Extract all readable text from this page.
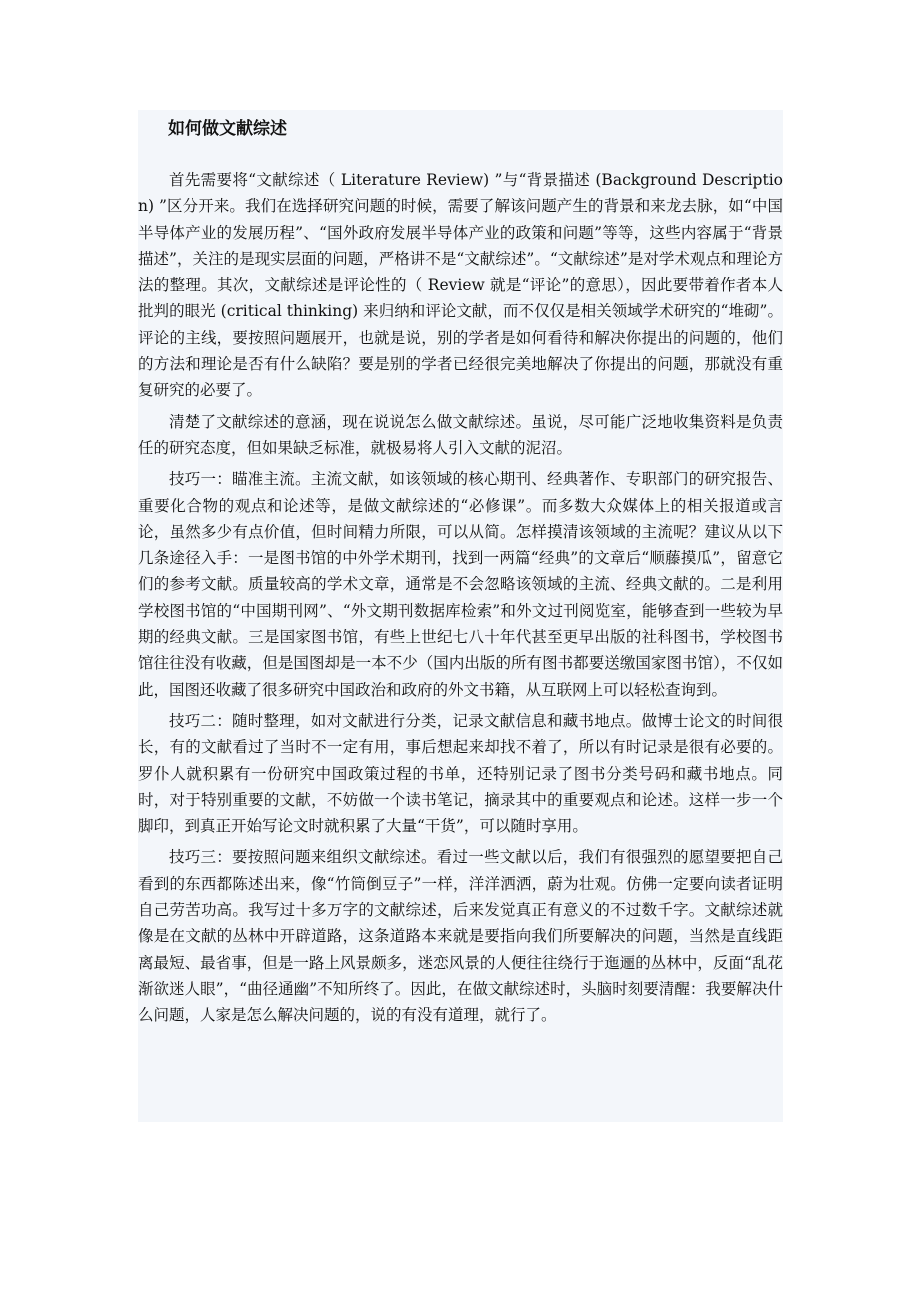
如何做文献综述

首先需要将“文献综述（ Literature Review) ”与“背景描述 (Background Description) ”区分开来。我们在选择研究问题的时候，需要了解该问题产生的背景和来龙去脉，如“中国半导体产业的发展历程”、“国外政府发展半导体产业的政策和问题”等等，这些内容属于“背景描述”，关注的是现实层面的问题，严格讲不是“文献综述”。“文献综述”是对学术观点和理论方法的整理。其次，文献综述是评论性的（ Review 就是“评论”的意思），因此要带着作者本人批判的眼光 (critical thinking) 来归纳和评论文献，而不仅仅是相关领域学术研究的“堆砌”。评论的主线，要按照问题展开，也就是说，别的学者是如何看待和解决你提出的问题的，他们的方法和理论是否有什么缺陷？要是别的学者已经很完美地解决了你提出的问题，那就没有重复研究的必要了。

清楚了文献综述的意涵，现在说说怎么做文献综述。虽说，尽可能广泛地收集资料是负责任的研究态度，但如果缺乏标准，就极易将人引入文献的泥沼。

技巧一：瞄准主流。主流文献，如该领域的核心期刊、经典著作、专职部门的研究报告、重要化合物的观点和论述等，是做文献综述的“必修课”。而多数大众媒体上的相关报道或言论，虽然多少有点价值，但时间精力所限，可以从简。怎样摸清该领域的主流呢？建议从以下几条途径入手：一是图书馆的中外学术期刊，找到一两篇“经典”的文章后“顺藤摸瓜”，留意它们的参考文献。质量较高的学术文章，通常是不会忽略该领域的主流、经典文献的。二是利用学校图书馆的“中国期刊网”、“外文期刊数据库检索”和外文过刊阅览室，能够查到一些较为早期的经典文献。三是国家图书馆，有些上世纪七八十年代甚至更早出版的社科图书，学校图书馆往往没有收藏，但是国图却是一本不少（国内出版的所有图书都要送缴国家图书馆），不仅如此，国图还收藏了很多研究中国政治和政府的外文书籍，从互联网上可以轻松查询到。

技巧二：随时整理，如对文献进行分类，记录文献信息和藏书地点。做博士论文的时间很长，有的文献看过了当时不一定有用，事后想起来却找不着了，所以有时记录是很有必要的。罗仆人就积累有一份研究中国政策过程的书单，还特别记录了图书分类号码和藏书地点。同时，对于特别重要的文献，不妨做一个读书笔记，摘录其中的重要观点和论述。这样一步一个脚印，到真正开始写论文时就积累了大量“干货”，可以随时享用。

技巧三：要按照问题来组织文献综述。看过一些文献以后，我们有很强烈的愿望要把自己看到的东西都陈述出来，像“竹筒倒豆子”一样，洋洋洒洒，蔚为壮观。仿佛一定要向读者证明自己劳苦功高。我写过十多万字的文献综述，后来发觉真正有意义的不过数千字。文献综述就像是在文献的丛林中开辟道路，这条道路本来就是要指向我们所要解决的问题，当然是直线距离最短、最省事，但是一路上风景颇多，迷恋风景的人便往往绕行于迤逦的丛林中，反面“乱花渐欲迷人眼”，“曲径通幽”不知所终了。因此，在做文献综述时，头脑时刻要清醒：我要解决什么问题，人家是怎么解决问题的，说的有没有道理，就行了。
